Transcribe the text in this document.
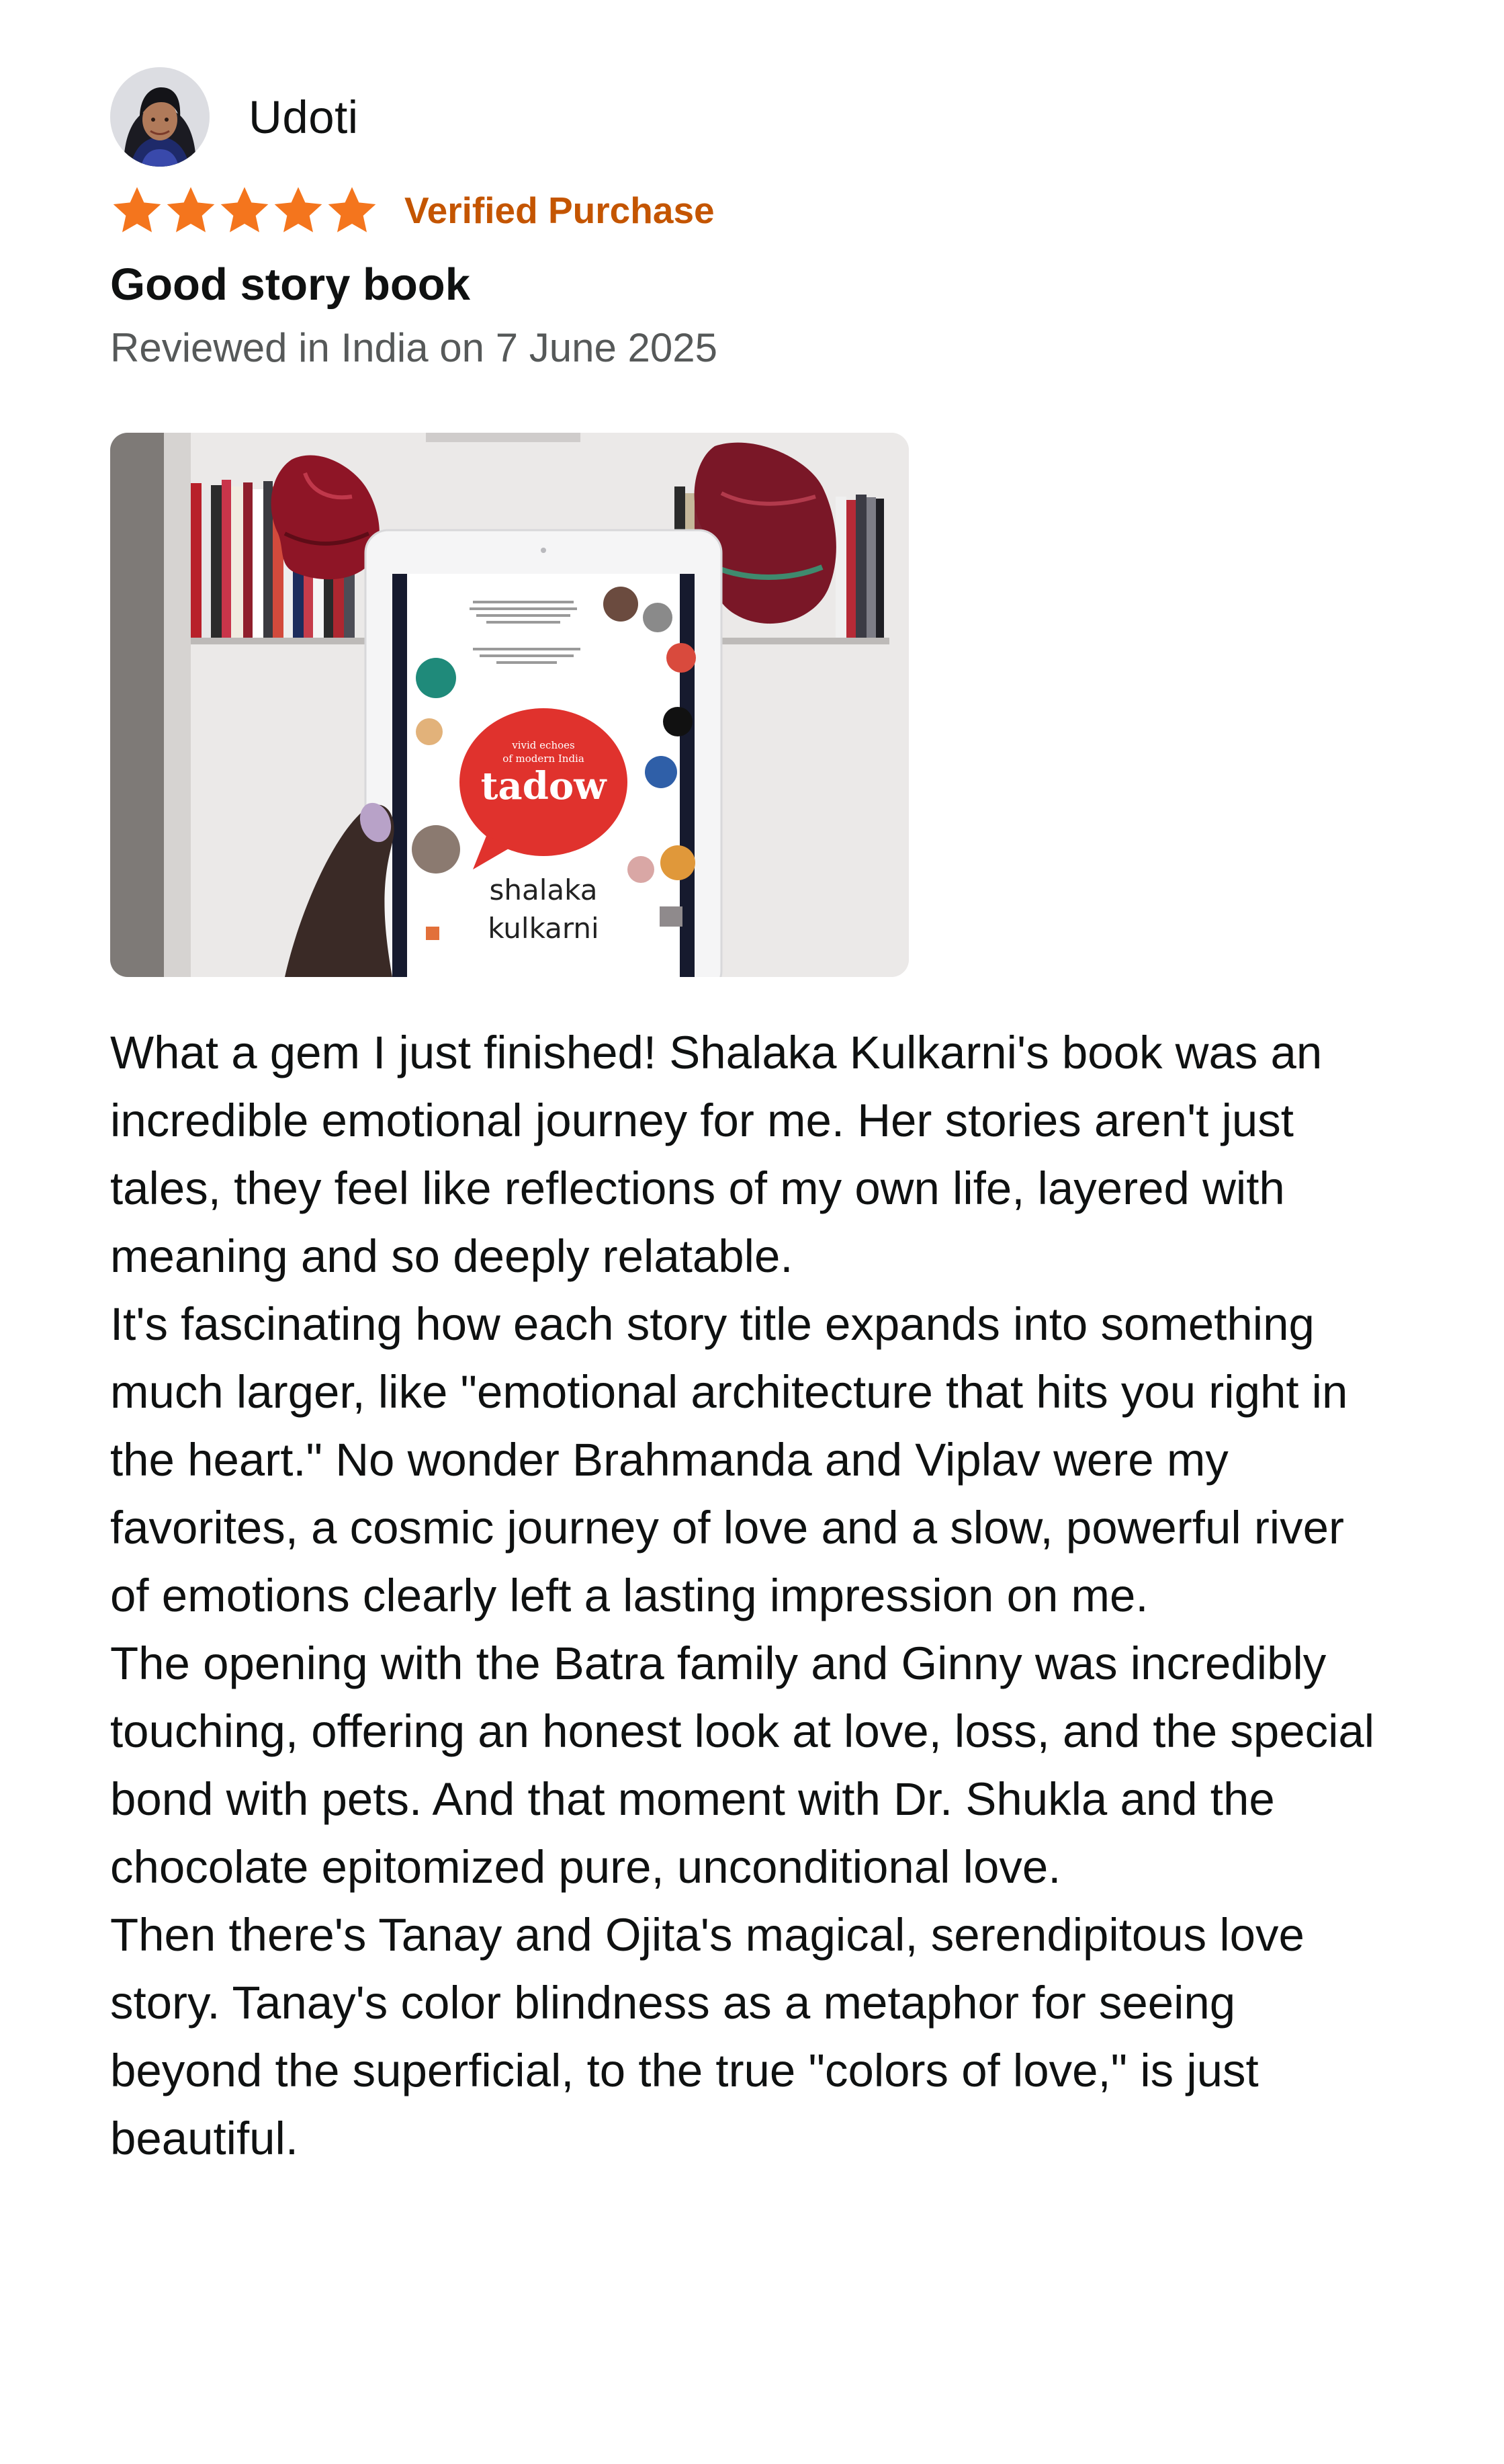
Udoti
Verified Purchase
Good story book
Reviewed in India on 7 June 2025
vivid echoes
of modern India
tadow
shalaka
kulkarni

What a gem I just finished! Shalaka Kulkarni's book was an incredible emotional journey for me. Her stories aren't just tales, they feel like reflections of my own life, layered with meaning and so deeply relatable.

It's fascinating how each story title expands into something much larger, like "emotional architecture that hits you right in the heart." No wonder Brahmanda and Viplav were my favorites, a cosmic journey of love and a slow, powerful river of emotions clearly left a lasting impression on me.

The opening with the Batra family and Ginny was incredibly touching, offering an honest look at love, loss, and the special bond with pets. And that moment with Dr. Shukla and the chocolate epitomized pure, unconditional love.

Then there's Tanay and Ojita's magical, serendipitous love story. Tanay's color blindness as a metaphor for seeing beyond the superficial, to the true "colors of love," is just beautiful.
